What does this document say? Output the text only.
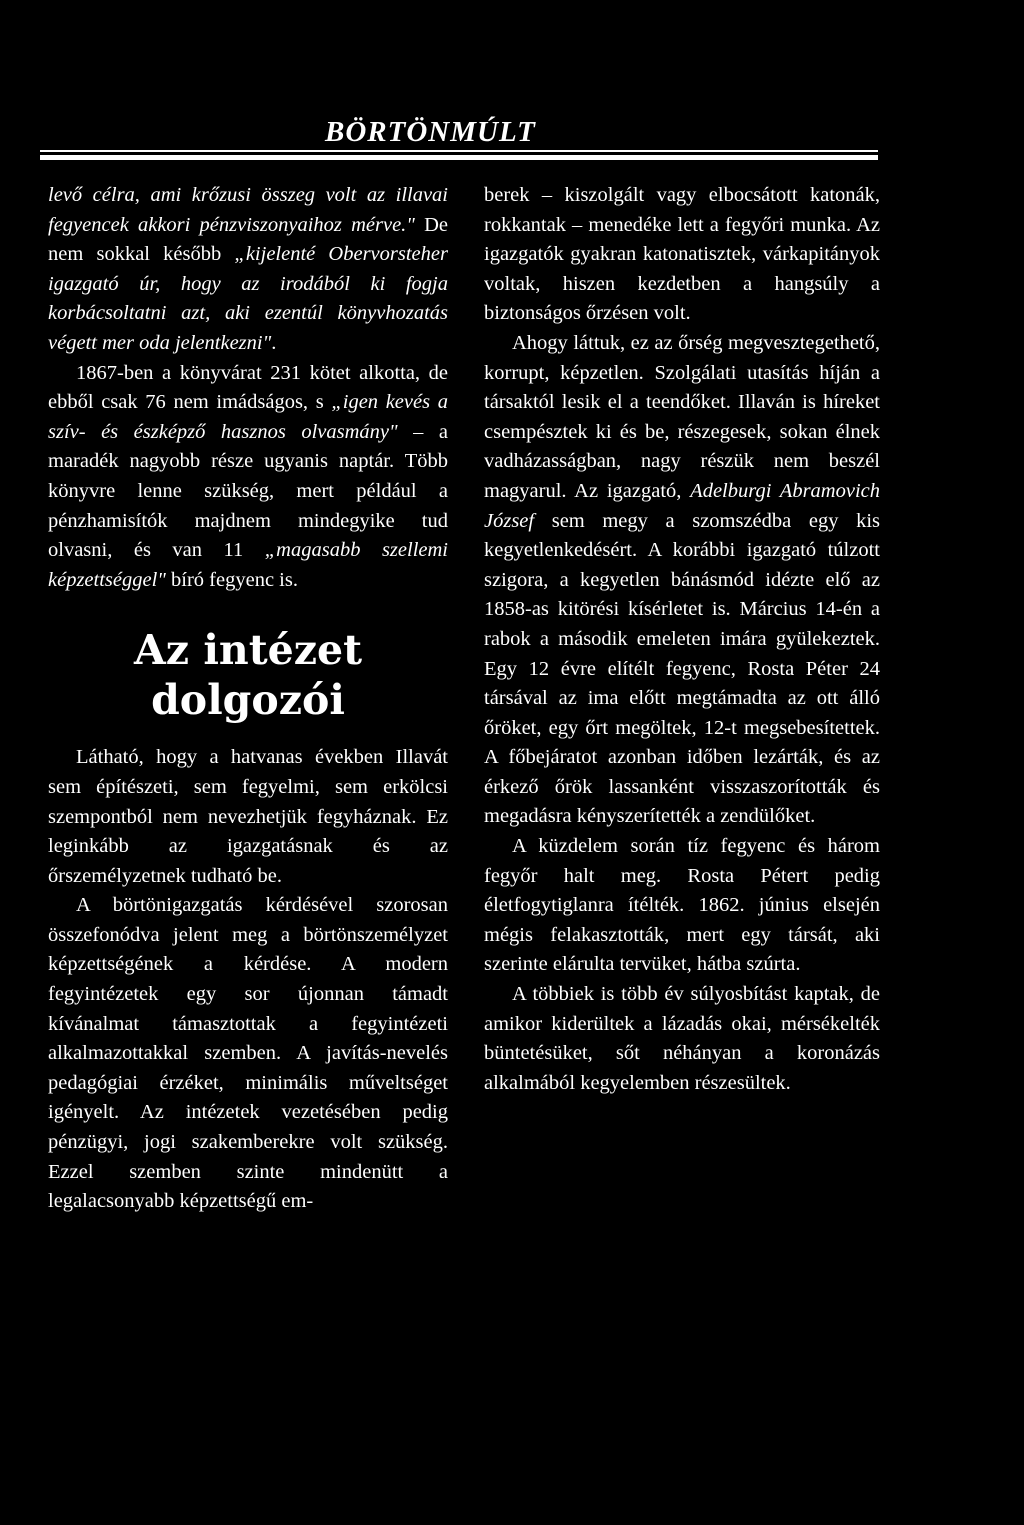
BÖRTÖNMÚLT

levő célra, ami krőzusi összeg volt az illavai fegyencek akkori pénzviszonyaihoz mérve." De nem sokkal később „kijelenté Obervorsteher igazgató úr, hogy az irodából ki fogja korbácsoltatni azt, aki ezentúl könyvhozatás végett mer oda jelentkezni".

1867-ben a könyvárat 231 kötet alkotta, de ebből csak 76 nem imádságos, s „igen kevés a szív- és észképző hasznos olvasmány" – a maradék nagyobb része ugyanis naptár. Több könyvre lenne szükség, mert például a pénzhamisítók majdnem mindegyike tud olvasni, és van 11 „magasabb szellemi képzettséggel" bíró fegyenc is.

Az intézet
dolgozói

Látható, hogy a hatvanas években Illavát sem építészeti, sem fegyelmi, sem erkölcsi szempontból nem nevezhetjük fegyháznak. Ez leginkább az igazgatásnak és az őrszemélyzetnek tudható be.

A börtönigazgatás kérdésével szorosan összefonódva jelent meg a börtönszemélyzet képzettségének a kérdése. A modern fegyintézetek egy sor újonnan támadt kívánalmat támasztottak a fegyintézeti alkalmazottakkal szemben. A javítás-nevelés pedagógiai érzéket, minimális műveltséget igényelt. Az intézetek vezetésében pedig pénzügyi, jogi szakemberekre volt szükség. Ezzel szemben szinte mindenütt a legalacsonyabb képzettségű em-

berek – kiszolgált vagy elbocsátott katonák, rokkantak – menedéke lett a fegyőri munka. Az igazgatók gyakran katonatisztek, várkapitányok voltak, hiszen kezdetben a hangsúly a biztonságos őrzésen volt.

Ahogy láttuk, ez az őrség megvesztegethető, korrupt, képzetlen. Szolgálati utasítás híján a társaktól lesik el a teendőket. Illaván is híreket csempésztek ki és be, részegesek, sokan élnek vadházasságban, nagy részük nem beszél magyarul. Az igazgató, Adelburgi Abramovich József sem megy a szomszédba egy kis kegyetlenkedésért. A korábbi igazgató túlzott szigora, a kegyetlen bánásmód idézte elő az 1858-as kitörési kísérletet is. Március 14-én a rabok a második emeleten imára gyülekeztek. Egy 12 évre elítélt fegyenc, Rosta Péter 24 társával az ima előtt megtámadta az ott álló őröket, egy őrt megöltek, 12-t megsebesítettek. A főbejáratot azonban időben lezárták, és az érkező őrök lassanként visszaszorították és megadásra kényszerítették a zendülőket.

A küzdelem során tíz fegyenc és három fegyőr halt meg. Rosta Pétert pedig életfogytiglanra ítélték. 1862. június elsején mégis felakasztották, mert egy társát, aki szerinte elárulta tervüket, hátba szúrta.

A többiek is több év súlyosbítást kaptak, de amikor kiderültek a lázadás okai, mérsékelték büntetésüket, sőt néhányan a koronázás alkalmából kegyelemben részesültek.
